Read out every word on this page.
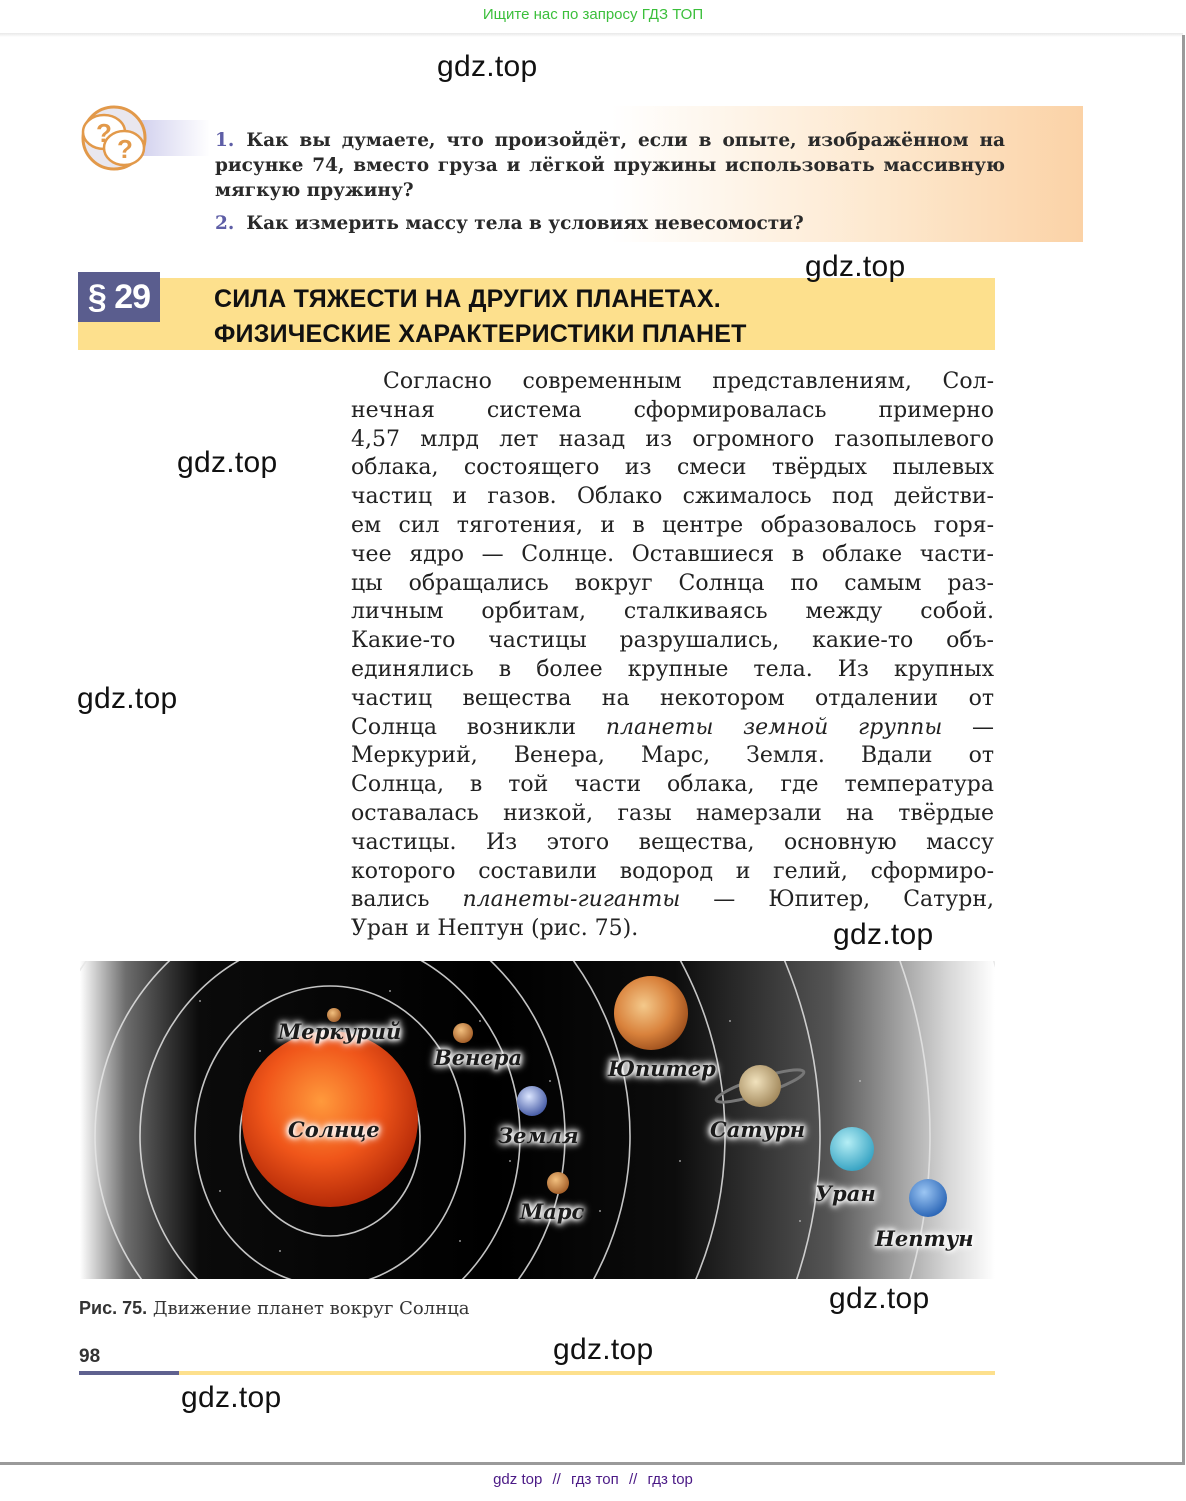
Ищите нас по запросу ГДЗ ТОП
?
?	1. Как вы думаете, что произойдёт, если в опыте, изображённом на
рисунке 74, вместо груза и лёгкой пружины использовать массивную
мягкую пружину?
2. Как измерить массу тела в условиях невесомости?
§ 29	СИЛА ТЯЖЕСТИ НА ДРУГИХ ПЛАНЕТАХ.
ФИЗИЧЕСКИЕ ХАРАКТЕРИСТИКИ ПЛАНЕТ
Согласно современным представлениям, Сол-
нечная система сформировалась примерно
4,57 млрд лет назад из огромного газопылевого
облака, состоящего из смеси твёрдых пылевых
частиц и газов. Облако сжималось под действи-
ем сил тяготения, и в центре образовалось горя-
чее ядро — Солнце. Оставшиеся в облаке части-
цы обращались вокруг Солнца по самым раз-
личным орбитам, сталкиваясь между собой.
Какие-то частицы разрушались, какие-то объ-
единялись в более крупные тела. Из крупных
частиц вещества на некотором отдалении от
Солнца возникли планеты земной группы —
Меркурий, Венера, Марс, Земля. Вдали от
Солнца, в той части облака, где температура
оставалась низкой, газы намерзали на твёрдые
частицы. Из этого вещества, основную массу
которого составили водород и гелий, сформиро-
вались планеты-гиганты — Юпитер, Сатурн,
Уран и Нептун (рис. 75).
Меркурий
Венера
Солнце	Земля
Марс
Юпитер
Сатурн
Уран
Нептун
Рис. 75. Движение планет вокруг Солнца
98
gdz.top
gdz.top
gdz.top
gdz.top
gdz.top
gdz.top
gdz.top
gdz.top
gdz top // гдз топ // гдз top
